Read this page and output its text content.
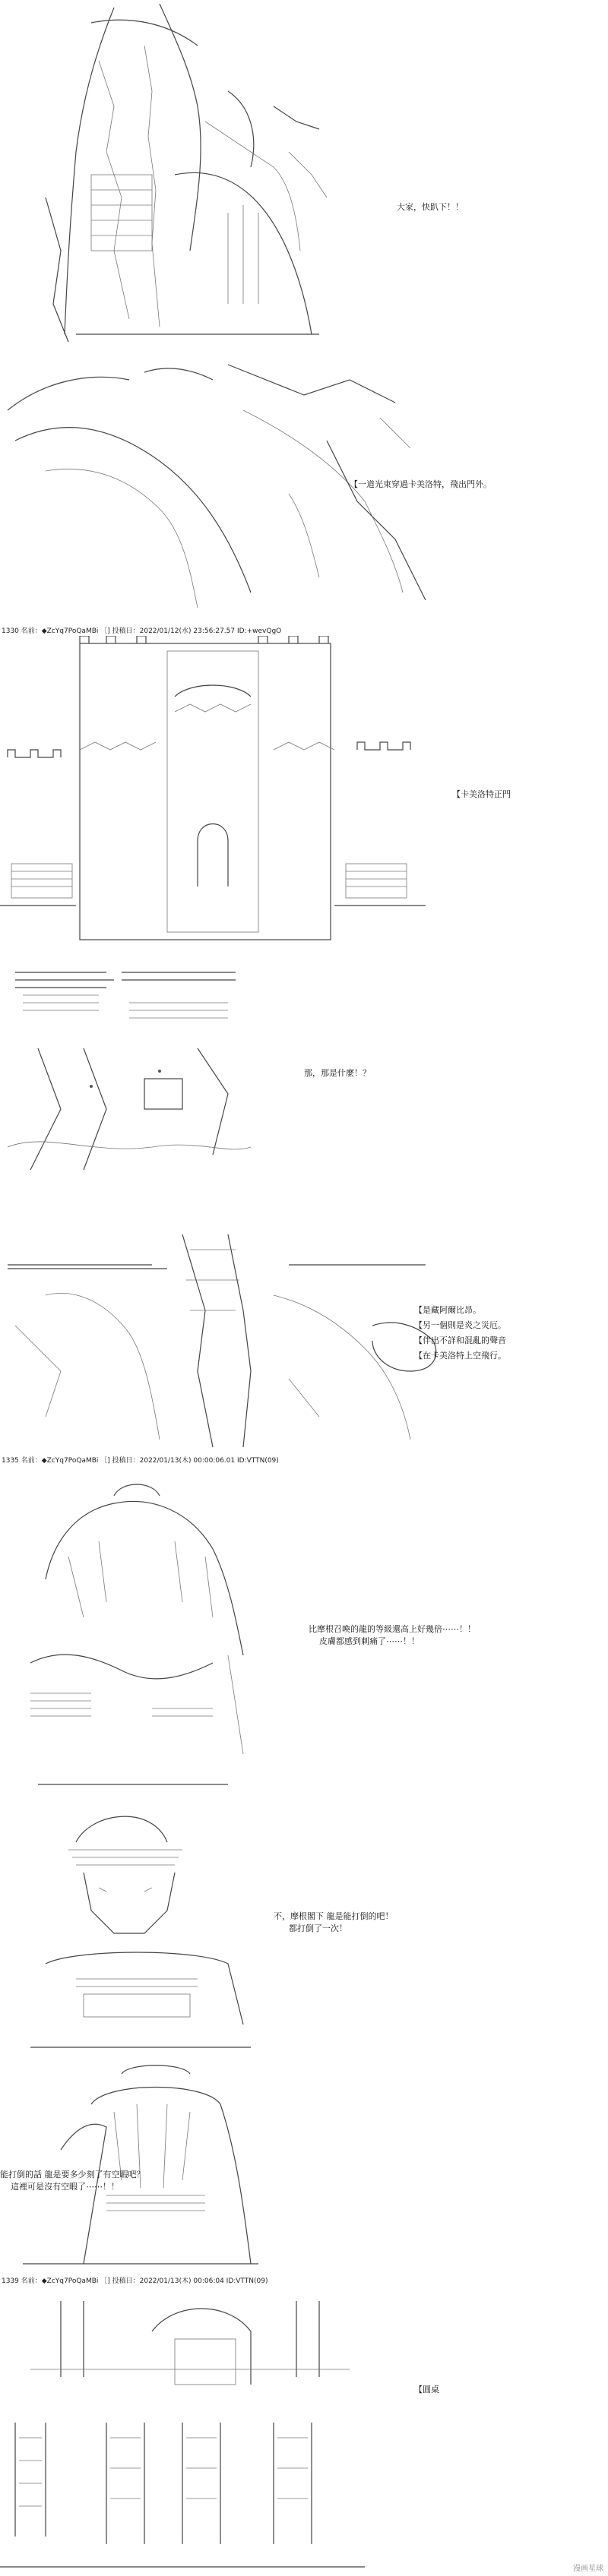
大家，快趴下！！
【一道光束穿過卡美洛特，飛出門外。
1330 名前：◆ZcYq7PoQaMBi ［] 投稿日：2022/01/12(水) 23:56:27.57 ID:+wevQgO
【卡美洛特正門
那，那是什麼！？
【是藏阿爾比昂。
【另一個則是炎之災厄。
【伴出不詳和混亂的聲音
【在卡美洛特上空飛行。
1335 名前：◆ZcYq7PoQaMBi ［] 投稿日：2022/01/13(木) 00:00:06.01 ID:VTTN(09)
比摩根召喚的龍的等級還高上好幾倍⋯⋯！！
皮膚都感到刺痛了⋯⋯！！
不，摩根閣下 龍是能打倒的吧！
都打倒了一次！
能打倒的話 龍是要多少刻了有空暇吧？
這裡可是沒有空暇了⋯⋯！！
1339 名前：◆ZcYq7PoQaMBi ［] 投稿日：2022/01/13(木) 00:06:04 ID:VTTN(09)
【圓桌
漫画星球
